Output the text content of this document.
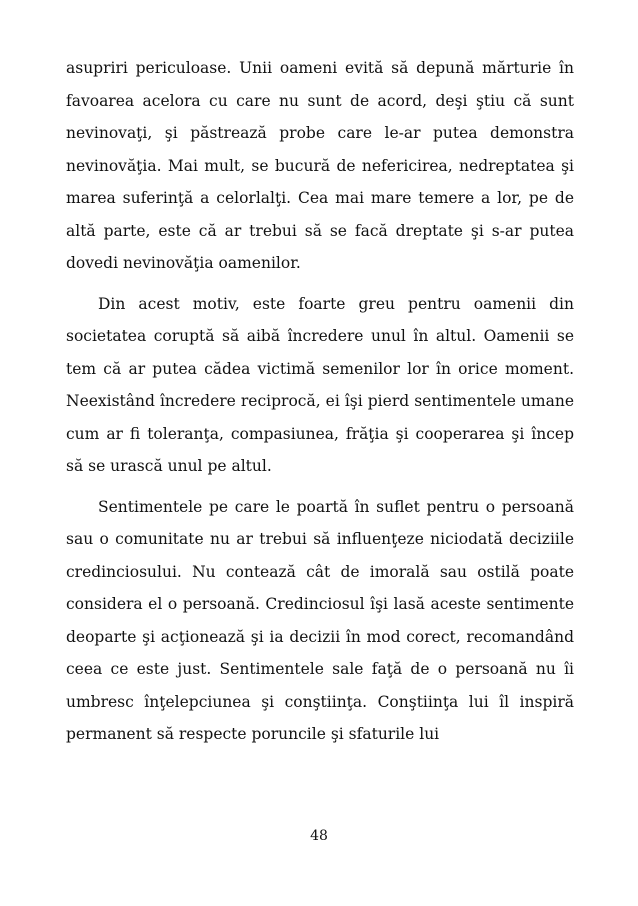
asupriri periculoase. Unii oameni evită să depună mărturie în favoarea acelora cu care nu sunt de acord, deşi ştiu că sunt nevinovaţi, şi păstrează probe care le-ar putea demonstra nevinovăţia. Mai mult, se bucură de nefericirea, nedreptatea şi marea suferinţă a celorlalţi. Cea mai mare temere a lor, pe de altă parte, este că ar trebui să se facă dreptate şi s-ar putea dovedi nevinovăţia oamenilor.

Din acest motiv, este foarte greu pentru oamenii din societatea coruptă să aibă încredere unul în altul. Oamenii se tem că ar putea cădea victimă semenilor lor în orice moment. Neexistând încredere reciprocă, ei îşi pierd sentimentele umane cum ar fi toleranţa, compasiunea, frăţia şi cooperarea şi încep să se urască unul pe altul.

Sentimentele pe care le poartă în suflet pentru o persoană sau o comunitate nu ar trebui să influenţeze niciodată deciziile credinciosului. Nu contează cât de imorală sau ostilă poate considera el o persoană. Credinciosul îşi lasă aceste sentimente deoparte şi acţionează şi ia decizii în mod corect, recomandând ceea ce este just. Sentimentele sale faţă de o persoană nu îi umbresc înţelepciunea şi conştiinţa. Conştiinţa lui îl inspiră permanent să respecte poruncile şi sfaturile lui

48
